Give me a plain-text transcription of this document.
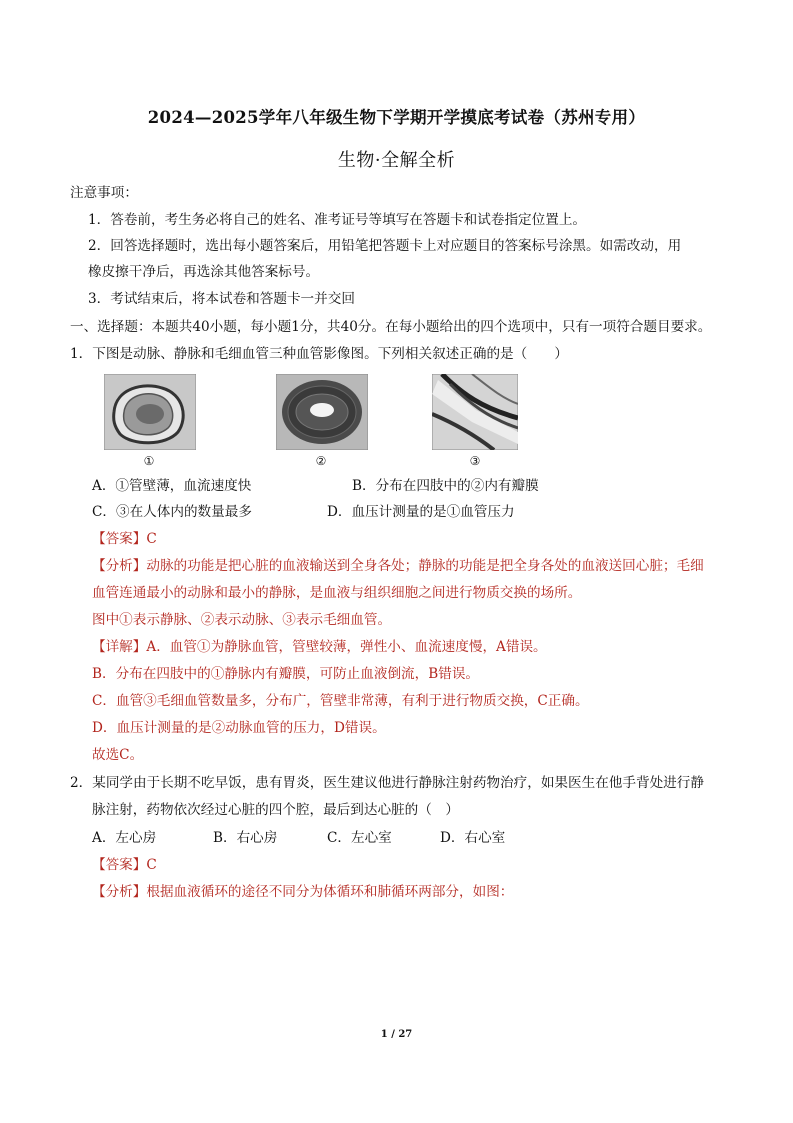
2024—2025学年八年级生物下学期开学摸底考试卷（苏州专用）
生物·全解全析
注意事项：
1．答卷前，考生务必将自己的姓名、准考证号等填写在答题卡和试卷指定位置上。
2．回答选择题时，选出每小题答案后，用铅笔把答题卡上对应题目的答案标号涂黑。如需改动，用
橡皮擦干净后，再选涂其他答案标号。
3．考试结束后，将本试卷和答题卡一并交回
一、选择题：本题共40小题，每小题1分，共40分。在每小题给出的四个选项中，只有一项符合题目要求。
1．下图是动脉、静脉和毛细血管三种血管影像图。下列相关叙述正确的是（　　）
①	②	③
A．①管壁薄，血流速度快	B．分布在四肢中的②内有瓣膜
C．③在人体内的数量最多	D．血压计测量的是①血管压力
【答案】C
【分析】动脉的功能是把心脏的血液输送到全身各处；静脉的功能是把全身各处的血液送回心脏；毛细
血管连通最小的动脉和最小的静脉，是血液与组织细胞之间进行物质交换的场所。
图中①表示静脉、②表示动脉、③表示毛细血管。
【详解】A．血管①为静脉血管，管壁较薄，弹性小、血流速度慢，A错误。
B．分布在四肢中的①静脉内有瓣膜，可防止血液倒流，B错误。
C．血管③毛细血管数量多，分布广，管壁非常薄，有利于进行物质交换，C正确。
D．血压计测量的是②动脉血管的压力，D错误。
故选C。
2．某同学由于长期不吃早饭，患有胃炎，医生建议他进行静脉注射药物治疗，如果医生在他手背处进行静
脉注射，药物依次经过心脏的四个腔，最后到达心脏的（　）
A．左心房	B．右心房	C．左心室	D．右心室
【答案】C
【分析】根据血液循环的途径不同分为体循环和肺循环两部分，如图：
1 / 27
